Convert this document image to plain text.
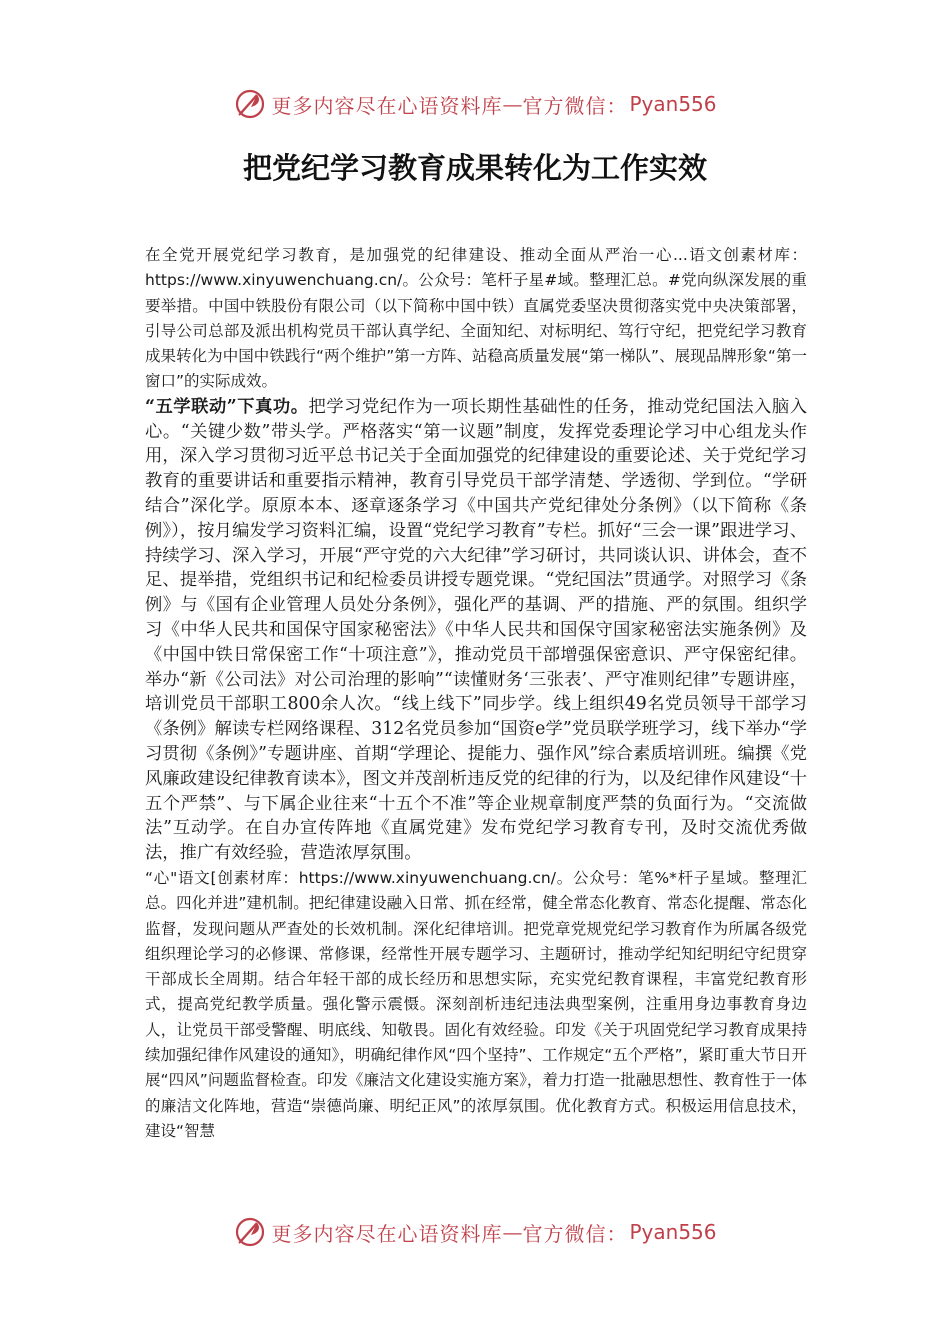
更多内容尽在心语资料库 — 官方微信： Pyan556
把党纪学习教育成果转化为工作实效

在全党开展党纪学习教育，是加强党的纪律建设、推动全面从严治一心...语文创素材库：https://www.xinyuwenchuang.cn/。公众号：笔杆子星#域。整理汇总。#党向纵深发展的重要举措。中国中铁股份有限公司（以下简称中国中铁）直属党委坚决贯彻落实党中央决策部署，引导公司总部及派出机构党员干部认真学纪、全面知纪、对标明纪、笃行守纪，把党纪学习教育成果转化为中国中铁践行“两个维护”第一方阵、站稳高质量发展“第一梯队”、展现品牌形象“第一窗口”的实际成效。

“五学联动”下真功。把学习党纪作为一项长期性基础性的任务，推动党纪国法入脑入心。“关键少数”带头学。严格落实“第一议题”制度，发挥党委理论学习中心组龙头作用，深入学习贯彻习近平总书记关于全面加强党的纪律建设的重要论述、关于党纪学习教育的重要讲话和重要指示精神，教育引导党员干部学清楚、学透彻、学到位。“学研结合”深化学。原原本本、逐章逐条学习《中国共产党纪律处分条例》（以下简称《条例》），按月编发学习资料汇编，设置“党纪学习教育”专栏。抓好“三会一课”跟进学习、持续学习、深入学习，开展“严守党的六大纪律”学习研讨，共同谈认识、讲体会，查不足、提举措，党组织书记和纪检委员讲授专题党课。“党纪国法”贯通学。对照学习《条例》与《国有企业管理人员处分条例》，强化严的基调、严的措施、严的氛围。组织学习《中华人民共和国保守国家秘密法》《中华人民共和国保守国家秘密法实施条例》及《中国中铁日常保密工作“十项注意”》，推动党员干部增强保密意识、严守保密纪律。举办“新《公司法》对公司治理的影响”“读懂财务‘三张表’、严守准则纪律”专题讲座，培训党员干部职工800余人次。“线上线下”同步学。线上组织49名党员领导干部学习《条例》解读专栏网络课程、312名党员参加“国资e学”党员联学班学习，线下举办“学习贯彻《条例》”专题讲座、首期“学理论、提能力、强作风”综合素质培训班。编撰《党风廉政建设纪律教育读本》，图文并茂剖析违反党的纪律的行为，以及纪律作风建设“十五个严禁”、与下属企业往来“十五个不准”等企业规章制度严禁的负面行为。“交流做法”互动学。在自办宣传阵地《直属党建》发布党纪学习教育专刊，及时交流优秀做法，推广有效经验，营造浓厚氛围。

“心"语文[创素材库：https://www.xinyuwenchuang.cn/。公众号：笔%*杆子星域。整理汇总。四化并进”建机制。把纪律建设融入日常、抓在经常，健全常态化教育、常态化提醒、常态化监督，发现问题从严查处的长效机制。深化纪律培训。把党章党规党纪学习教育作为所属各级党组织理论学习的必修课、常修课，经常性开展专题学习、主题研讨，推动学纪知纪明纪守纪贯穿干部成长全周期。结合年轻干部的成长经历和思想实际，充实党纪教育课程，丰富党纪教育形式，提高党纪教学质量。强化警示震慑。深刻剖析违纪违法典型案例，注重用身边事教育身边人，让党员干部受警醒、明底线、知敬畏。固化有效经验。印发《关于巩固党纪学习教育成果持续加强纪律作风建设的通知》，明确纪律作风“四个坚持”、工作规定“五个严格”，紧盯重大节日开展“四风”问题监督检查。印发《廉洁文化建设实施方案》，着力打造一批融思想性、教育性于一体的廉洁文化阵地，营造“崇德尚廉、明纪正风”的浓厚氛围。优化教育方式。积极运用信息技术，建设“智慧

更多内容尽在心语资料库 — 官方微信： Pyan556
